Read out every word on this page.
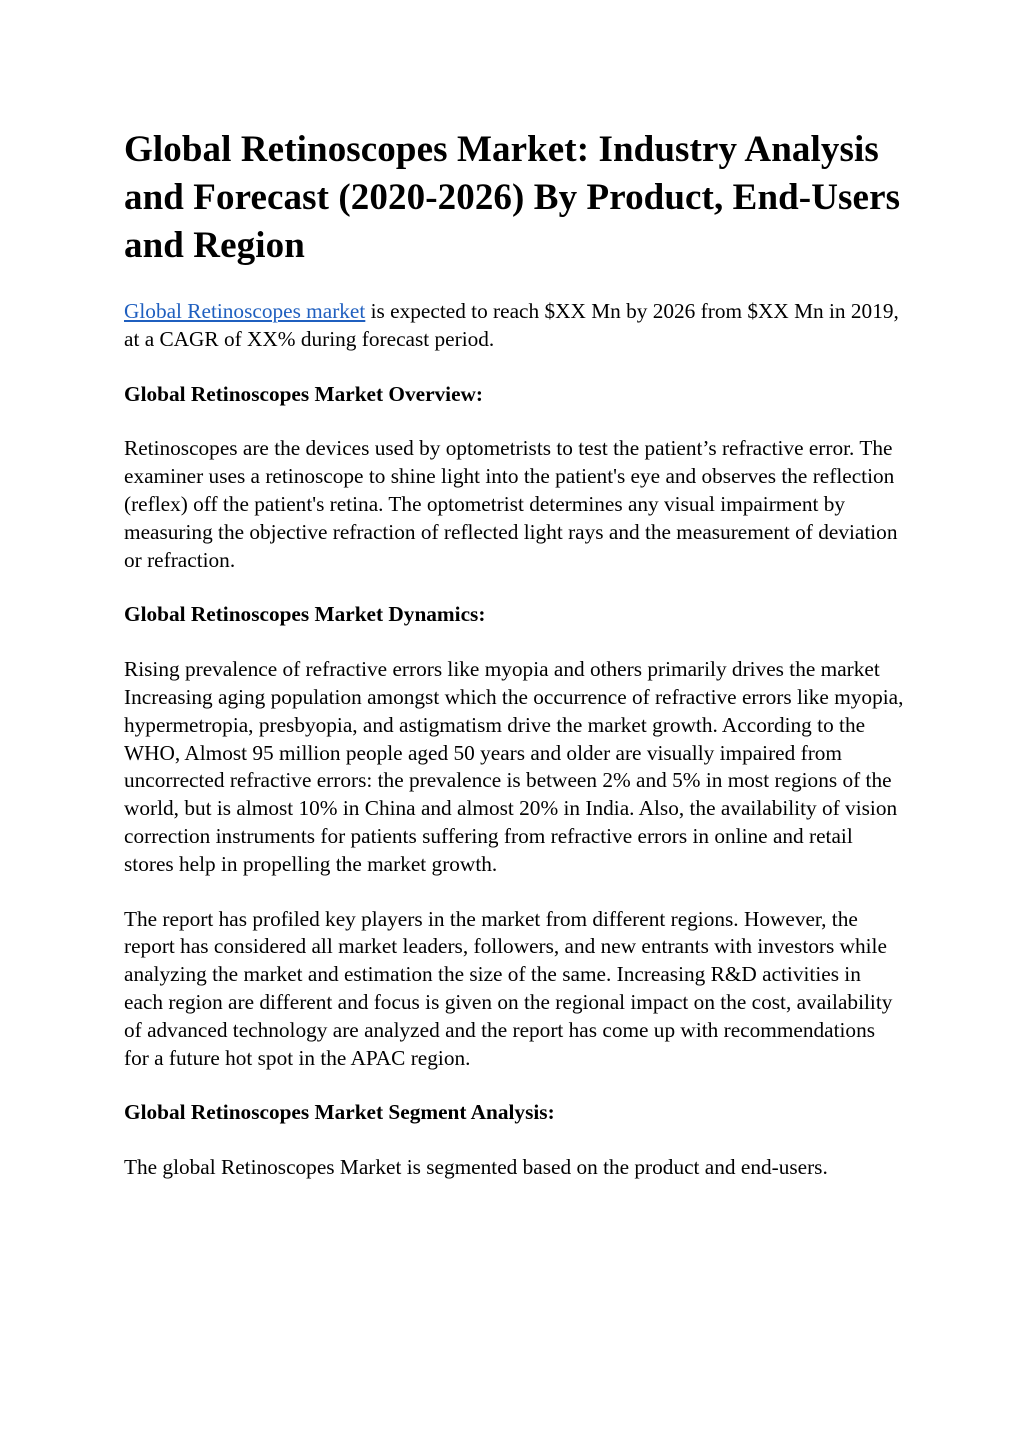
Global Retinoscopes Market: Industry Analysis and Forecast (2020-2026) By Product, End-Users and Region

Global Retinoscopes market is expected to reach $XX Mn by 2026 from $XX Mn in 2019, at a CAGR of XX% during forecast period.

Global Retinoscopes Market Overview:

Retinoscopes are the devices used by optometrists to test the patient’s refractive error. The examiner uses a retinoscope to shine light into the patient's eye and observes the reflection (reflex) off the patient's retina. The optometrist determines any visual impairment by measuring the objective refraction of reflected light rays and the measurement of deviation or refraction.

Global Retinoscopes Market Dynamics:

Rising prevalence of refractive errors like myopia and others primarily drives the market
Increasing aging population amongst which the occurrence of refractive errors like myopia, hypermetropia, presbyopia, and astigmatism drive the market growth. According to the WHO, Almost 95 million people aged 50 years and older are visually impaired from uncorrected refractive errors: the prevalence is between 2% and 5% in most regions of the world, but is almost 10% in China and almost 20% in India. Also, the availability of vision correction instruments for patients suffering from refractive errors in online and retail stores help in propelling the market growth.

The report has profiled key players in the market from different regions. However, the report has considered all market leaders, followers, and new entrants with investors while analyzing the market and estimation the size of the same. Increasing R&D activities in each region are different and focus is given on the regional impact on the cost, availability of advanced technology are analyzed and the report has come up with recommendations for a future hot spot in the APAC region.

Global Retinoscopes Market Segment Analysis:

The global Retinoscopes Market is segmented based on the product and end-users.
